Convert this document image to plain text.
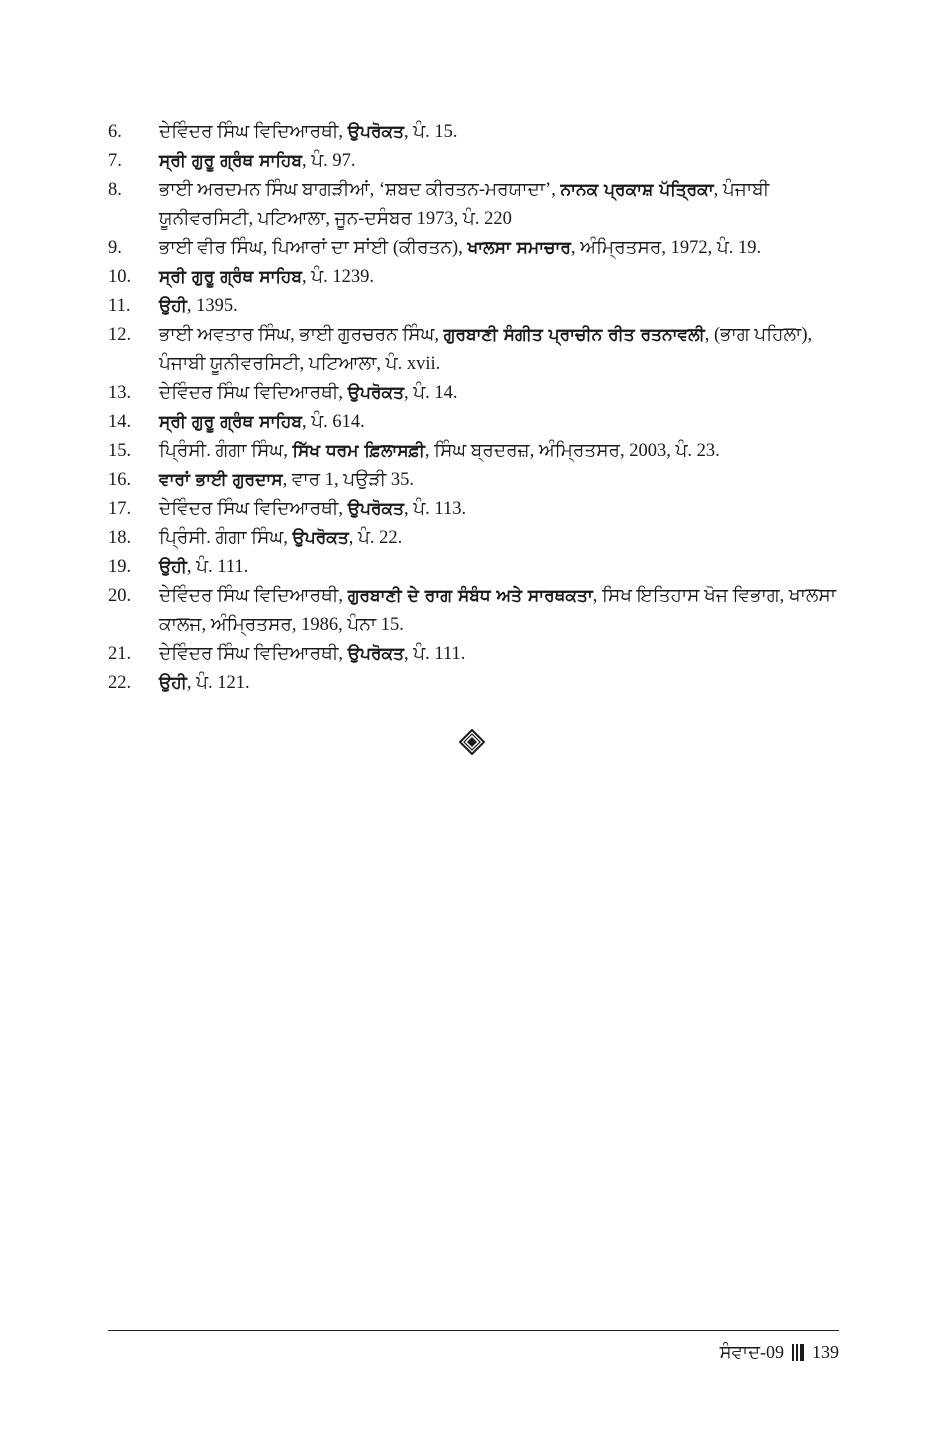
6.	ਦੇਵਿੰਦਰ ਸਿੰਘ ਵਿਦਿਆਰਥੀ, ਉਪਰੋਕਤ, ਪੰ. 15.
7.	ਸ੍ਰੀ ਗੁਰੂ ਗ੍ਰੰਥ ਸਾਹਿਬ, ਪੰ. 97.
8.	ਭਾਈ ਅਰਦਮਨ ਸਿੰਘ ਬਾਗੜੀਆਂ, ‘ਸ਼ਬਦ ਕੀਰਤਨ-ਮਰਯਾਦਾ’, ਨਾਨਕ ਪ੍ਰਕਾਸ਼ ਪੱਤ੍ਰਿਕਾ, ਪੰਜਾਬੀ ਯੂਨੀਵਰਸਿਟੀ, ਪਟਿਆਲਾ, ਜੂਨ-ਦਸੰਬਰ 1973, ਪੰ. 220
9.	ਭਾਈ ਵੀਰ ਸਿੰਘ, ਪਿਆਰਾਂ ਦਾ ਸਾਂਈ (ਕੀਰਤਨ), ਖਾਲਸਾ ਸਮਾਚਾਰ, ਅੰਮ੍ਰਿਤਸਰ, 1972, ਪੰ. 19.
10.	ਸ੍ਰੀ ਗੁਰੂ ਗ੍ਰੰਥ ਸਾਹਿਬ, ਪੰ. 1239.
11.	ਉਹੀ, 1395.
12.	ਭਾਈ ਅਵਤਾਰ ਸਿੰਘ, ਭਾਈ ਗੁਰਚਰਨ ਸਿੰਘ, ਗੁਰਬਾਣੀ ਸੰਗੀਤ ਪ੍ਰਾਚੀਨ ਰੀਤ ਰਤਨਾਵਲੀ, (ਭਾਗ ਪਹਿਲਾ), ਪੰਜਾਬੀ ਯੂਨੀਵਰਸਿਟੀ, ਪਟਿਆਲਾ, ਪੰ. xvii.
13.	ਦੇਵਿੰਦਰ ਸਿੰਘ ਵਿਦਿਆਰਥੀ, ਉਪਰੋਕਤ, ਪੰ. 14.
14.	ਸ੍ਰੀ ਗੁਰੂ ਗ੍ਰੰਥ ਸਾਹਿਬ, ਪੰ. 614.
15.	ਪ੍ਰਿੰਸੀ. ਗੰਗਾ ਸਿੰਘ, ਸਿੱਖ ਧਰਮ ਫ਼ਿਲਾਸਫ਼ੀ, ਸਿੰਘ ਬ੍ਰਦਰਜ਼, ਅੰਮ੍ਰਿਤਸਰ, 2003, ਪੰ. 23.
16.	ਵਾਰਾਂ ਭਾਈ ਗੁਰਦਾਸ, ਵਾਰ 1, ਪਉੜੀ 35.
17.	ਦੇਵਿੰਦਰ ਸਿੰਘ ਵਿਦਿਆਰਥੀ, ਉਪਰੋਕਤ, ਪੰ. 113.
18.	ਪ੍ਰਿੰਸੀ. ਗੰਗਾ ਸਿੰਘ, ਉਪਰੋਕਤ, ਪੰ. 22.
19.	ਉਹੀ, ਪੰ. 111.
20.	ਦੇਵਿੰਦਰ ਸਿੰਘ ਵਿਦਿਆਰਥੀ, ਗੁਰਬਾਣੀ ਦੇ ਰਾਗ ਸੰਬੰਧ ਅਤੇ ਸਾਰਥਕਤਾ, ਸਿਖ ਇਤਿਹਾਸ ਖੋਜ ਵਿਭਾਗ, ਖਾਲਸਾ ਕਾਲਜ, ਅੰਮ੍ਰਿਤਸਰ, 1986, ਪੰਨਾ 15.
21.	ਦੇਵਿੰਦਰ ਸਿੰਘ ਵਿਦਿਆਰਥੀ, ਉਪਰੋਕਤ, ਪੰ. 111.
22.	ਉਹੀ, ਪੰ. 121.
ਸੰਵਾਦ-09 139
